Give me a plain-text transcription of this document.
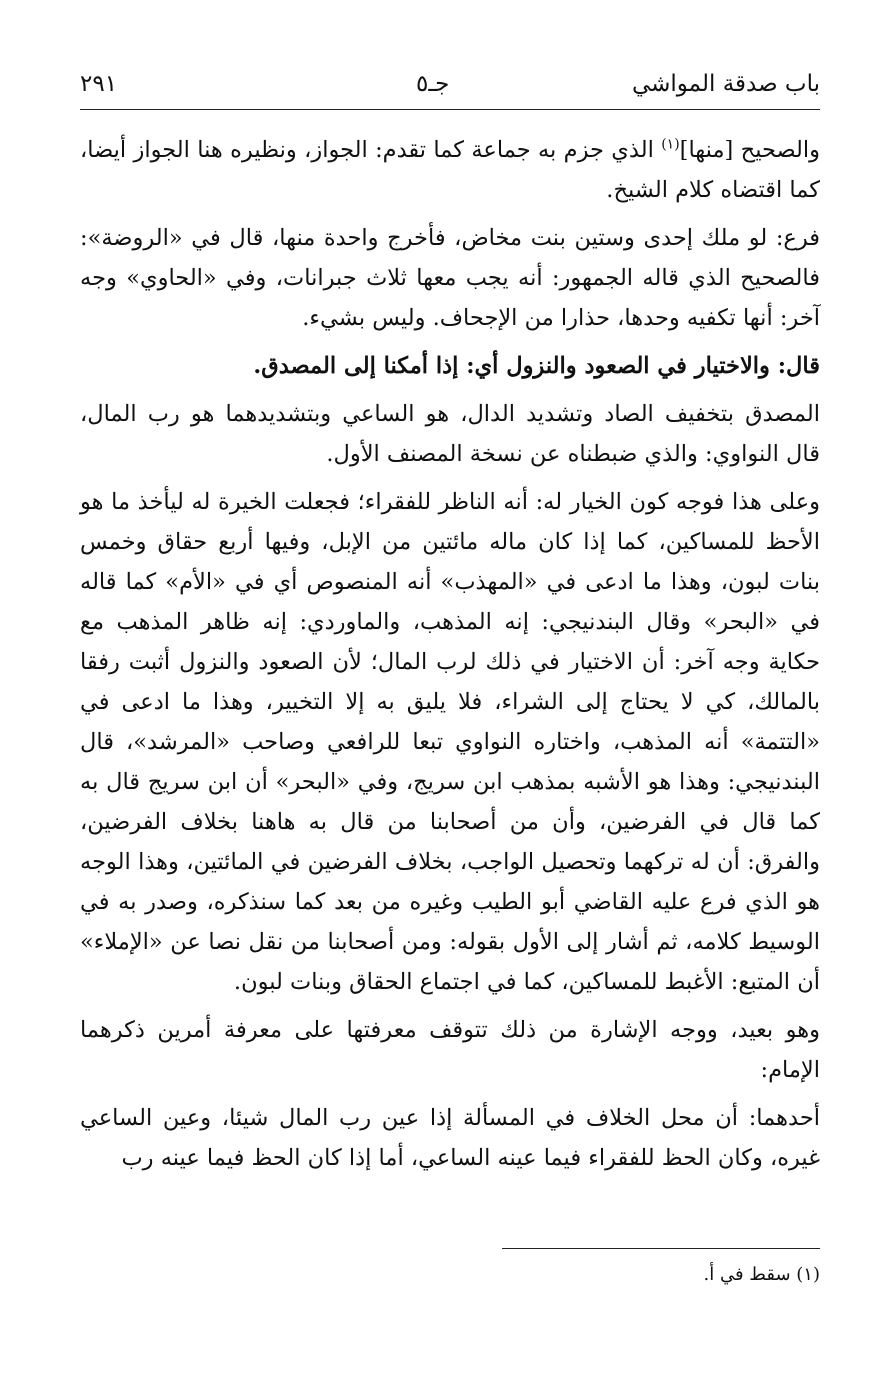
باب صدقة المواشي
جـ٥
٢٩١

والصحيح [منها]$^{(١)}$ الذي جزم به جماعة كما تقدم: الجواز، ونظيره هنا الجواز أيضا، كما اقتضاه كلام الشيخ.

فرع: لو ملك إحدى وستين بنت مخاض، فأخرج واحدة منها، قال في «الروضة»: فالصحيح الذي قاله الجمهور: أنه يجب معها ثلاث جبرانات، وفي «الحاوي» وجه آخر: أنها تكفيه وحدها، حذارا من الإجحاف. وليس بشيء.

قال: والاختيار في الصعود والنزول أي: إذا أمكنا إلى المصدق.

المصدق بتخفيف الصاد وتشديد الدال، هو الساعي وبتشديدهما هو رب المال، قال النواوي: والذي ضبطناه عن نسخة المصنف الأول.

وعلى هذا فوجه كون الخيار له: أنه الناظر للفقراء؛ فجعلت الخيرة له ليأخذ ما هو الأحظ للمساكين، كما إذا كان ماله مائتين من الإبل، وفيها أربع حقاق وخمس بنات لبون، وهذا ما ادعى في «المهذب» أنه المنصوص أي في «الأم» كما قاله في «البحر» وقال البندنيجي: إنه المذهب، والماوردي: إنه ظاهر المذهب مع حكاية وجه آخر: أن الاختيار في ذلك لرب المال؛ لأن الصعود والنزول أثبت رفقا بالمالك، كي لا يحتاج إلى الشراء، فلا يليق به إلا التخيير، وهذا ما ادعى في «التتمة» أنه المذهب، واختاره النواوي تبعا للرافعي وصاحب «المرشد»، قال البندنيجي: وهذا هو الأشبه بمذهب ابن سريج، وفي «البحر» أن ابن سريج قال به كما قال في الفرضين، وأن من أصحابنا من قال به هاهنا بخلاف الفرضين، والفرق: أن له تركهما وتحصيل الواجب، بخلاف الفرضين في المائتين، وهذا الوجه هو الذي فرع عليه القاضي أبو الطيب وغيره من بعد كما سنذكره، وصدر به في الوسيط كلامه، ثم أشار إلى الأول بقوله: ومن أصحابنا من نقل نصا عن «الإملاء» أن المتبع: الأغبط للمساكين، كما في اجتماع الحقاق وبنات لبون.

وهو بعيد، ووجه الإشارة من ذلك تتوقف معرفتها على معرفة أمرين ذكرهما الإمام:

أحدهما: أن محل الخلاف في المسألة إذا عين رب المال شيئا، وعين الساعي غيره، وكان الحظ للفقراء فيما عينه الساعي، أما إذا كان الحظ فيما عينه رب

(١) سقط في أ.
